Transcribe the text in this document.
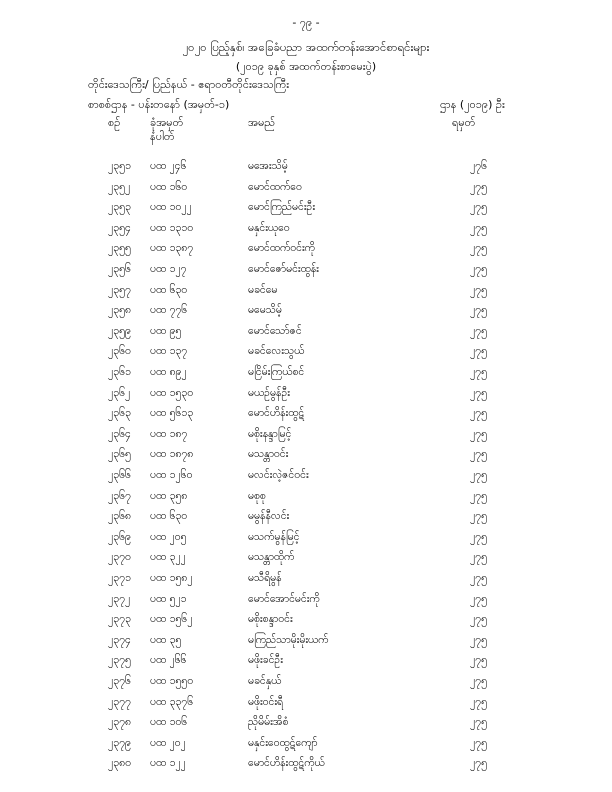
- ၇၉ -
၂၀၂၀ ပြည့်နှစ်၊ အခြေခံပညာ အထက်တန်းအောင်စာရင်းများ
(၂၀၁၉ ခုနှစ် အထက်တန်းစာမေးပွဲ)
တိုင်းဒေသကြီး/ ပြည်နယ် - ဧရာဝတီတိုင်းဒေသကြီး
စာစစ်ဌာန - ပန်းတနော် (အမှတ်-၁)	ဌာန (၂၀၁၉) ဦး
စဉ်	ခုံအမှတ်
နံပါတ်
အမည်	ရမှတ်
၂၃၅၁ ပထ ၂၄၆	မအေးသိမ့်	၂၇၆
၂၃၅၂ ပထ ၁၆၀	မောင်ထက်ဝေ	၂၇၅
၂၃၅၃ ပထ ၁၀၂၂	မောင်ကြည်မင်းဦး	၂၇၅
၂၃၅၄ ပထ ၁၃၁၀	မနှင်းယုဝေ	၂၇၅
၂၃၅၅ ပထ ၁၃၈၇	မောင်ထက်ဝင်းကို	၂၇၅
၂၃၅၆ ပထ ၁၂၇	မောင်ဇော်မင်းထွန်း	၂၇၅
၂၃၅၇ ပထ ၆၃၀	မခင်မေ	၂၇၅
၂၃၅၈ ပထ ၇၇၆	မမေသိမ့်	၂၇၅
၂၃၅၉ ပထ ၉၅	မောင်သော်ဇင်	၂၇၅
၂၃၆၀ ပထ ၁၃၇	မခင်လေးသွယ်	၂၇၅
၂၃၆၁ ပထ ၈၉၂	မငြိမ်းကြယ်စင်	၂၇၅
၂၃၆၂ ပထ ၁၅၃၀	မယဉ်မွန်ဦး	၂၇၅
၂၃၆၃ ပထ ၅၆၁၃	မောင်ဟိန်းထွဋ်	၂၇၅
၂၃၆၄ ပထ ၁၈၇	မစိုးနန္ဒာမြင့်	၂၇၅
၂၃၆၅ ပထ ၁၈၇၈	မသန္တာဝင်း	၂၇၅
၂၃၆၆ ပထ ၁၂၆၀	မလင်းလဲ့ဇင်ဝင်း	၂၇၅
၂၃၆၇ ပထ ၃၅၈	မစုစု	၂၇၅
၂၃၆၈ ပထ ၆၃၀	မမွန်နီလင်း	၂၇၅
၂၃၆၉ ပထ ၂၀၅	မသက်မွန်မြင့်	၂၇၅
၂၃၇၀ ပထ ၃၂၂	မသန္တာထိုက်	၂၇၅
၂၃၇၁ ပထ ၁၅၈၂	မသီရိမွန်	၂၇၅
၂၃၇၂ ပထ ၅၂၁	မောင်အောင်မင်းကို	၂၇၅
၂၃၇၃ ပထ ၁၅၆၂	မစိုးစန္ဒာဝင်း	၂၇၅
၂၃၇၄ ပထ ၃၅	မကြည်သာမိုးမိုးယက်	၂၇၅
၂၃၇၅ ပထ ၂၆၆	မဖိုးခင်ဦး	၂၇၅
၂၃၇၆ ပထ ၁၅၅၀	မခင်နှယ်	၂၇၅
၂၃၇၇ ပထ ၃၃၇၆	မဖိုးဝင်းရီ	၂၇၅
၂၃၇၈ ပထ ၁၀၆	ညိုမိမ်းအိစံ	၂၇၅
၂၃၇၉ ပထ ၂၀၂	မနှင်းဝေထွဋ်ကျော်	၂၇၅
၂၃၈၀ ပထ ၁၂၂	မောင်ဟိန်းထွဋ်ကိုယ်	၂၇၅
